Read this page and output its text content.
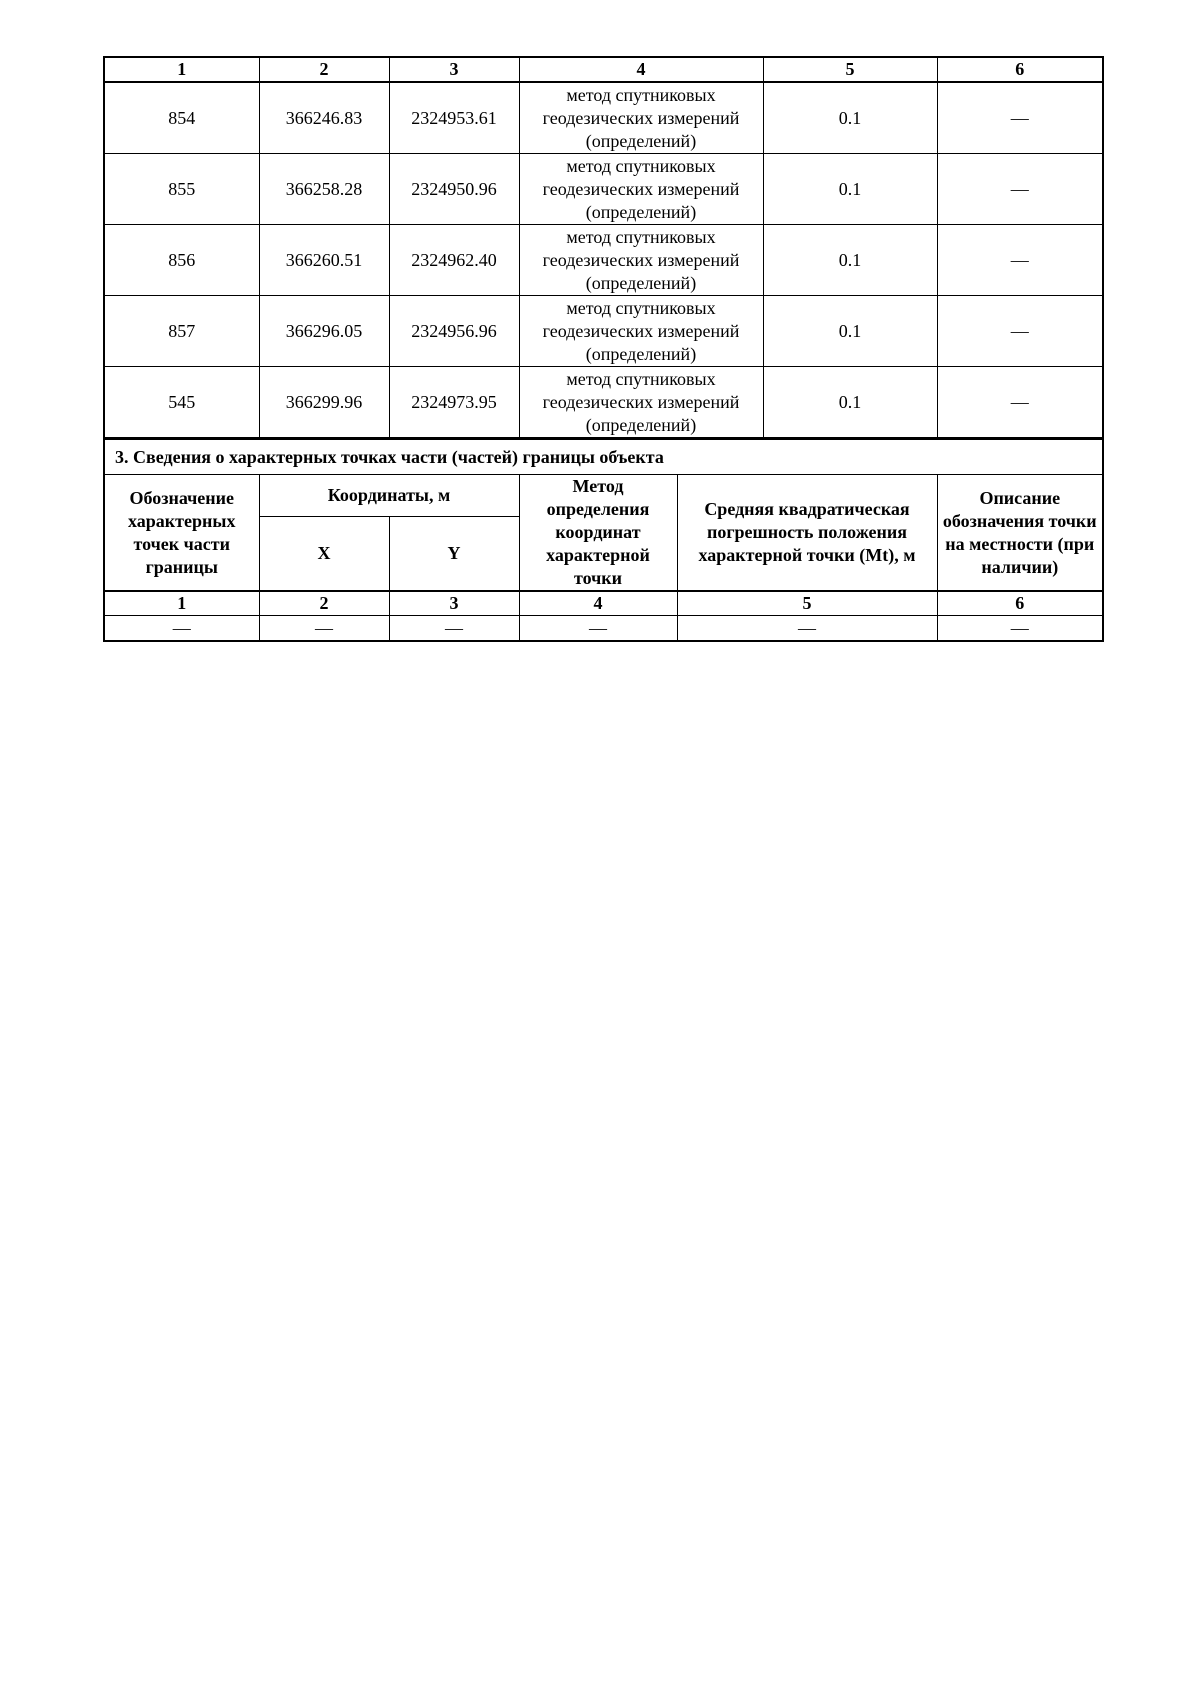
1	2	3	4	5	6
854	366246.83	2324953.61	метод спутниковых геодезических измерений (определений)	0.1	—
855	366258.28	2324950.96	метод спутниковых геодезических измерений (определений)	0.1	—
856	366260.51	2324962.40	метод спутниковых геодезических измерений (определений)	0.1	—
857	366296.05	2324956.96	метод спутниковых геодезических измерений (определений)	0.1	—
545	366299.96	2324973.95	метод спутниковых геодезических измерений (определений)	0.1	—
3. Сведения о характерных точках части (частей) границы объекта					
Обозначение характерных точек части границы	Координаты, м		Метод определения координат характерной точки	Средняя квадратическая погрешность положения характерной точки (Mt), м	Описание обозначения точки на местности (при наличии)
	X	Y			
1	2	3	4	5	6
—	—	—	—	—	—
